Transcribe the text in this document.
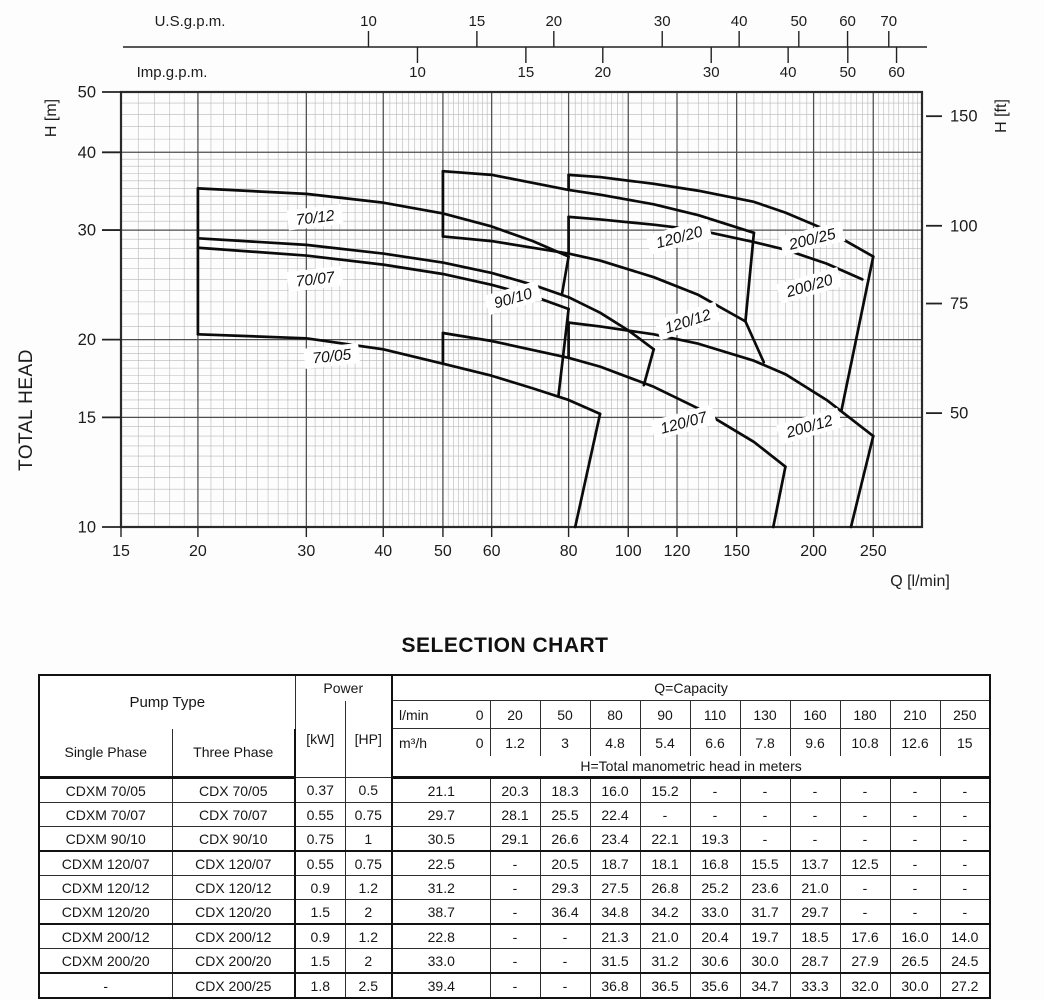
15	20	30	40	50 60	80 100 120 150	200 250
Q [l/min]
50
40
30
20
15
10
150
100
75
50
H [m]	H [ft]
TOTAL HEAD
U.S.g.p.m.	10	15	20	30	40	50 60 70
Imp.g.p.m.	10	15	20	30	40	50 60
70/12
70/07
70/05
90/10
120/20
120/12
120/07
200/25
200/20
200/12
SELECTION CHART
Pump Type		Power		Q=Capacity										
		[kW]	[HP]	l/min 0	20	50	80	90	110	130	160	180	210	250
Single Phase	Three Phase			m³/h 0	1.2	3	4.8	5.4	6.6	7.8	9.6	10.8	12.6	15
				H=Total manometric head in meters										
CDXM 70/05	CDX 70/05	0.37	0.5	21.1	20.3	18.3	16.0	15.2	-	-	-	-	-	-
CDXM 70/07	CDX 70/07	0.55	0.75	29.7	28.1	25.5	22.4	-	-	-	-	-	-	-
CDXM 90/10	CDX 90/10	0.75	1	30.5	29.1	26.6	23.4	22.1	19.3	-	-	-	-	-
CDXM 120/07	CDX 120/07	0.55	0.75	22.5	-	20.5	18.7	18.1	16.8	15.5	13.7	12.5	-	-
CDXM 120/12	CDX 120/12	0.9	1.2	31.2	-	29.3	27.5	26.8	25.2	23.6	21.0	-	-	-
CDXM 120/20	CDX 120/20	1.5	2	38.7	-	36.4	34.8	34.2	33.0	31.7	29.7	-	-	-
CDXM 200/12	CDX 200/12	0.9	1.2	22.8	-	-	21.3	21.0	20.4	19.7	18.5	17.6	16.0	14.0
CDXM 200/20	CDX 200/20	1.5	2	33.0	-	-	31.5	31.2	30.6	30.0	28.7	27.9	26.5	24.5
-	CDX 200/25	1.8	2.5	39.4	-	-	36.8	36.5	35.6	34.7	33.3	32.0	30.0	27.2
